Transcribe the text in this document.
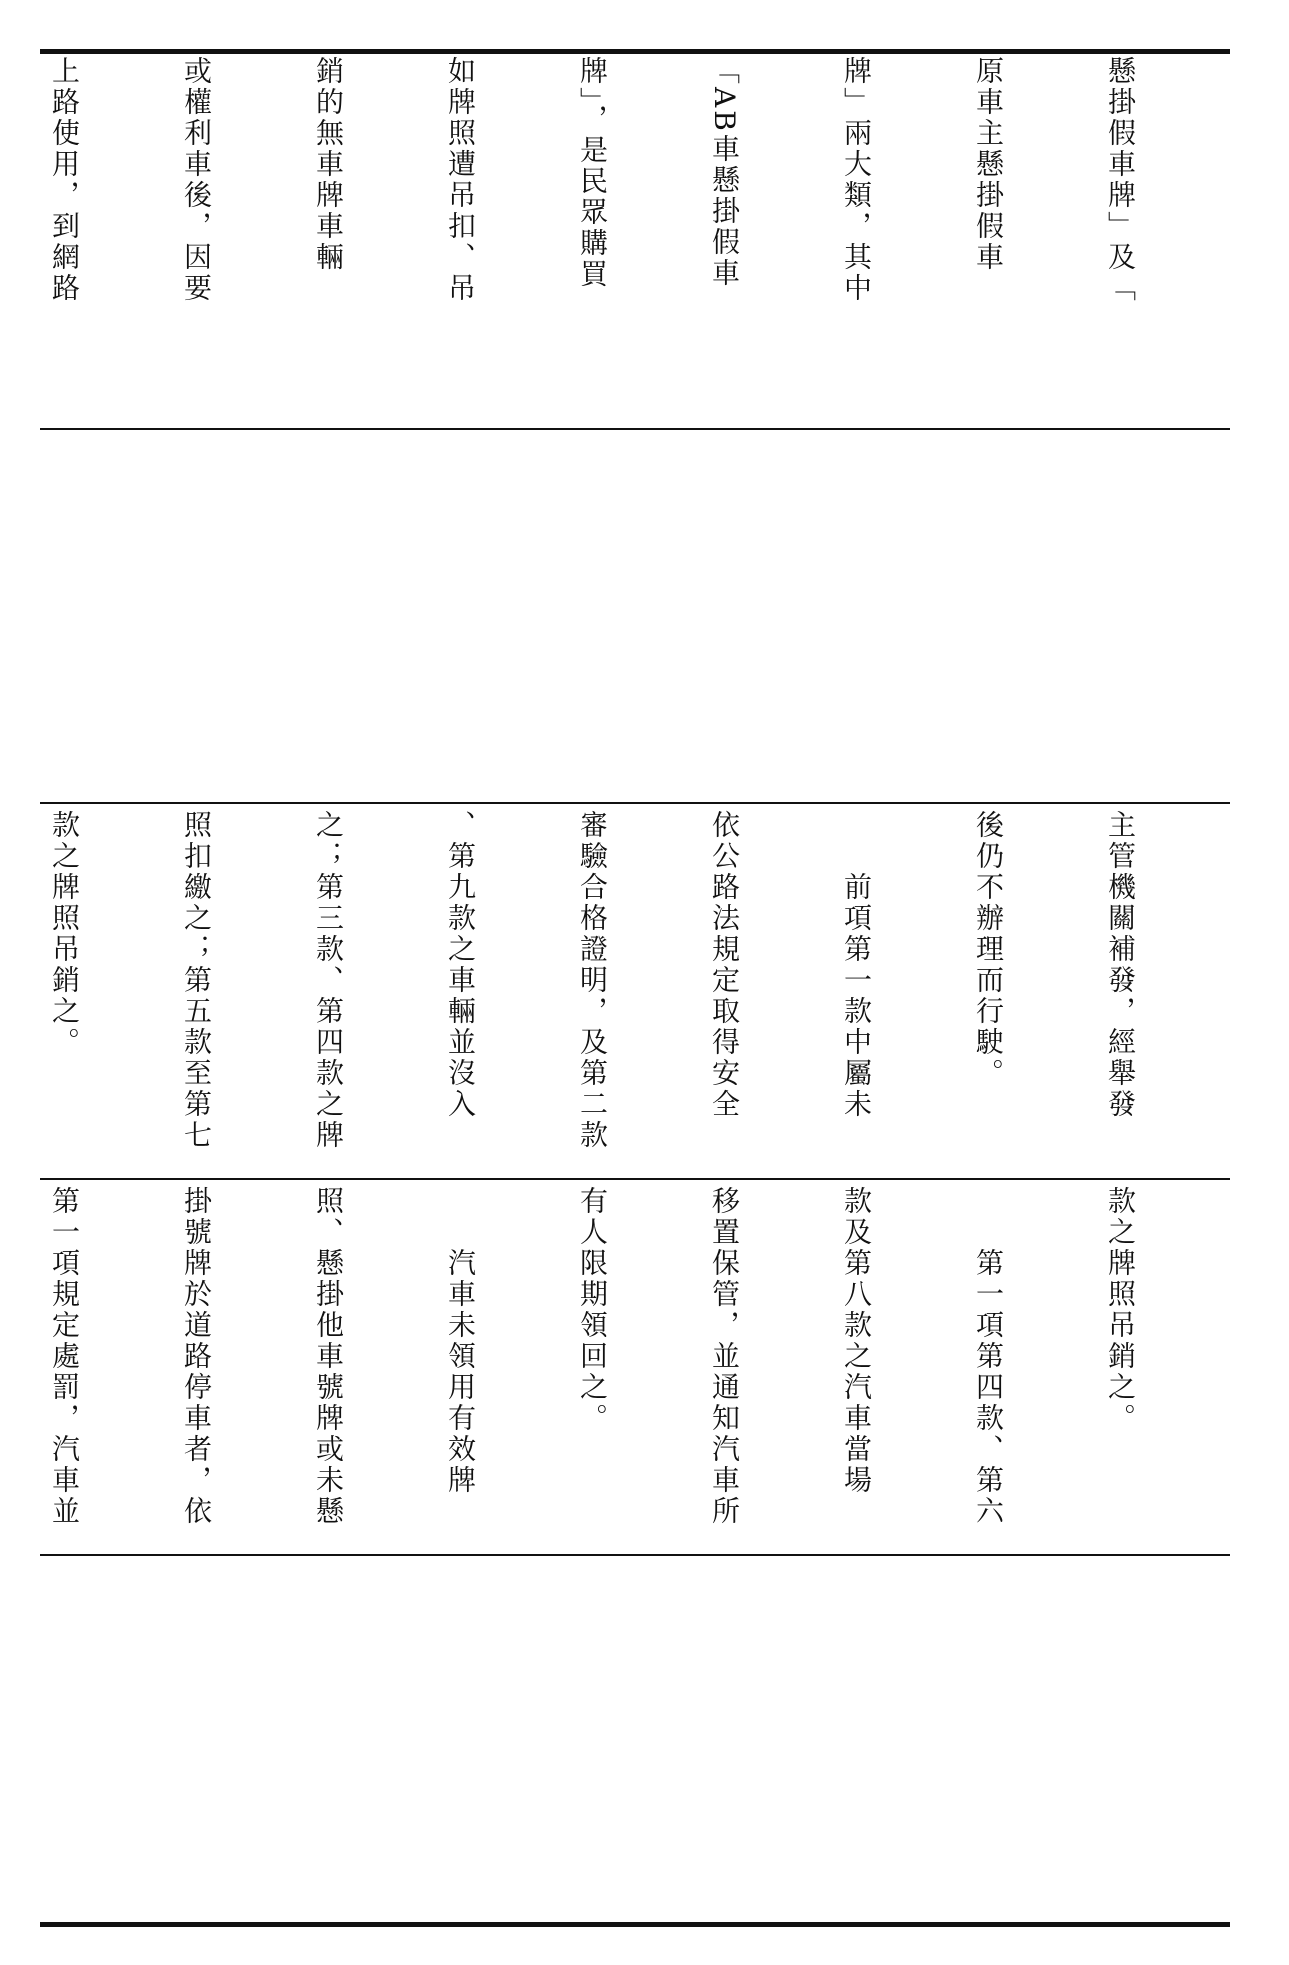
懸掛假車牌」及「

原車主懸掛假車

牌」兩大類，其中

「AB車懸掛假車

牌」，是民眾購買

如牌照遭吊扣、吊

銷的無車牌車輛

或權利車後，因要

上路使用，到網路

主管機關補發，經舉發

後仍不辦理而行駛。

　　前項第一款中屬未

依公路法規定取得安全

審驗合格證明，及第二款

、第九款之車輛並沒入

之；第三款、第四款之牌

照扣繳之；第五款至第七

款之牌照吊銷之。

款之牌照吊銷之。

　　第一項第四款、第六

款及第八款之汽車當場

移置保管，並通知汽車所

有人限期領回之。

　　汽車未領用有效牌

照、懸掛他車號牌或未懸

掛號牌於道路停車者，依

第一項規定處罰，汽車並
